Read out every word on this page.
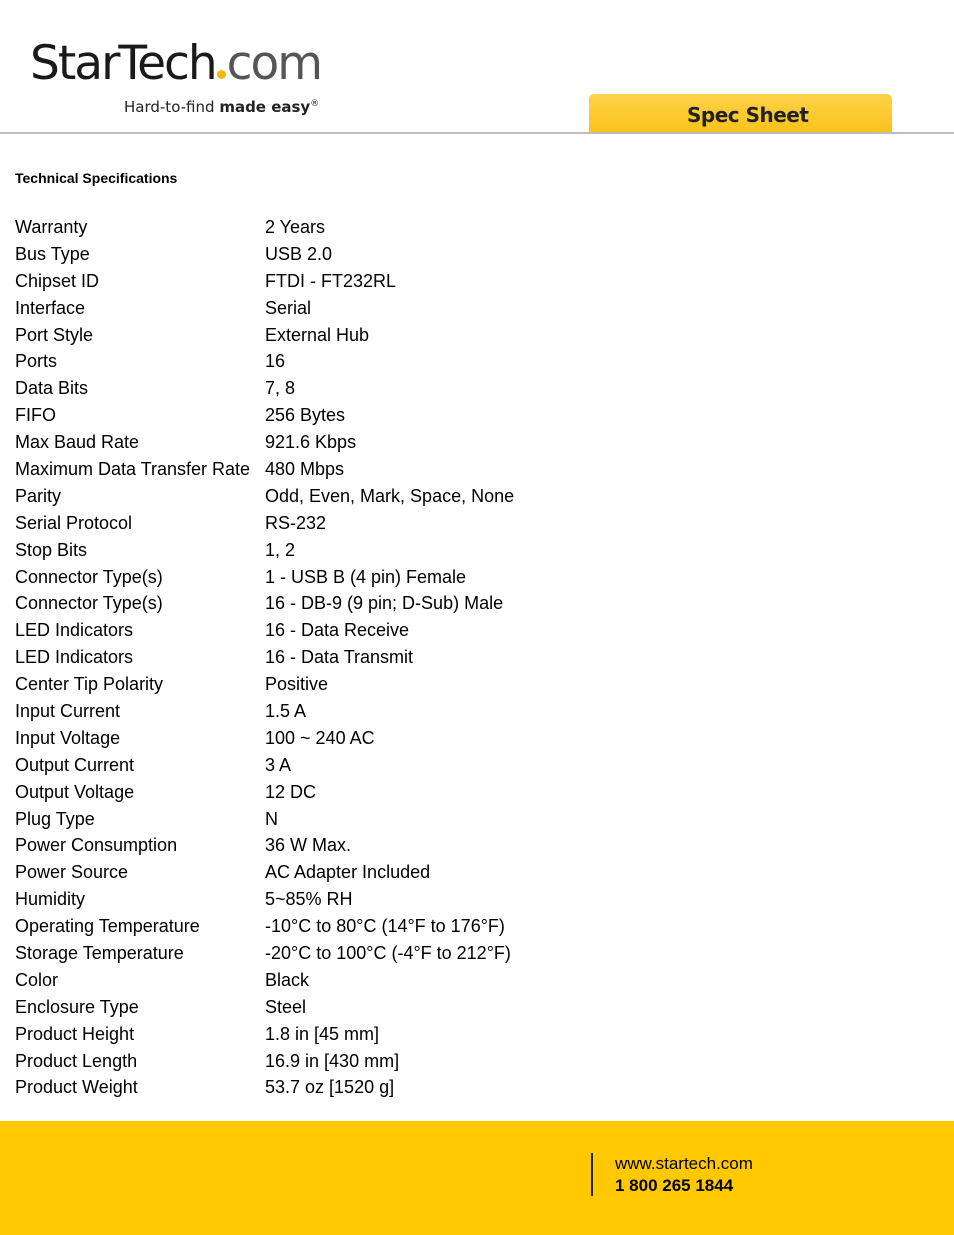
StarTech com
Hard-to-find made easy®	Spec Sheet
Technical Specifications
Warranty	2 Years
Bus Type	USB 2.0
Chipset ID	FTDI - FT232RL
Interface	Serial
Port Style	External Hub
Ports	16
Data Bits	7, 8
FIFO	256 Bytes
Max Baud Rate	921.6 Kbps
Maximum Data Transfer Rate 480 Mbps
Parity	Odd, Even, Mark, Space, None
Serial Protocol	RS-232
Stop Bits	1, 2
Connector Type(s)	1 - USB B (4 pin) Female
Connector Type(s)	16 - DB-9 (9 pin; D-Sub) Male
LED Indicators	16 - Data Receive
LED Indicators	16 - Data Transmit
Center Tip Polarity	Positive
Input Current	1.5 A
Input Voltage	100 ~ 240 AC
Output Current	3 A
Output Voltage	12 DC
Plug Type	N
Power Consumption	36 W Max.
Power Source	AC Adapter Included
Humidity	5~85% RH
Operating Temperature	-10°C to 80°C (14°F to 176°F)
Storage Temperature	-20°C to 100°C (-4°F to 212°F)
Color	Black
Enclosure Type	Steel
Product Height	1.8 in [45 mm]
Product Length	16.9 in [430 mm]
Product Weight	53.7 oz [1520 g]
www.startech.com
1 800 265 1844
